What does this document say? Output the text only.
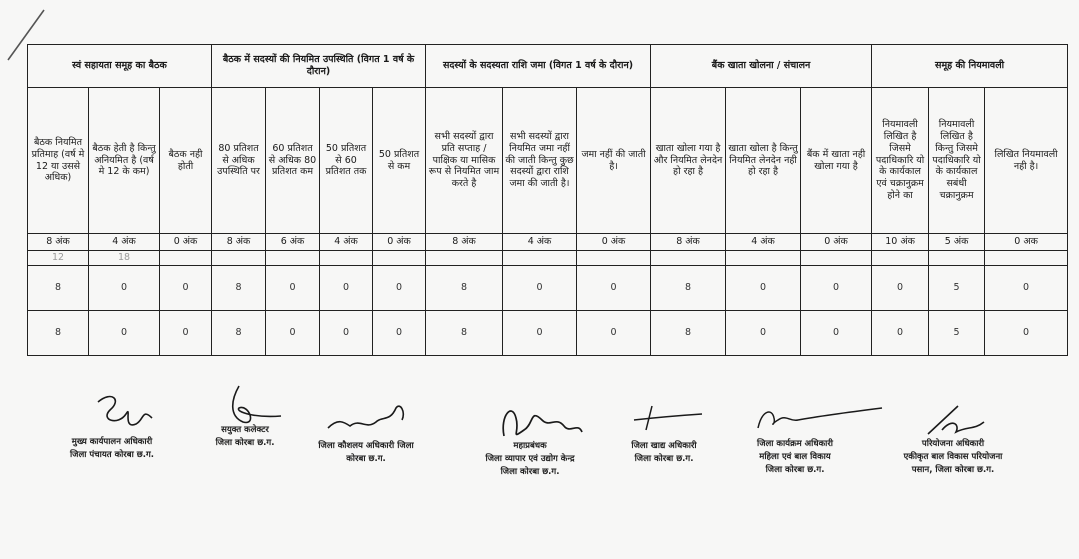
स्वं सहायता समूह का बैठक			बैठक में सदस्यों की नियमित उपस्थिति (विगत 1 वर्ष के दौरान)				सदस्यों के सदस्यता राशि जमा (विगत 1 वर्ष के दौरान)			बैंक खाता खोलना / संचालन			समूह की नियमावली		
बैठक नियमित प्रतिमाह (वर्ष मे 12 या उससे अधिक)	बैठक हेती है किन्तु अनियमित है (वर्ष मे 12 के कम)	बैठक नही होती	80 प्रतिशत से अधिक उपस्थिति पर	60 प्रतिशत से अधिक 80 प्रतिशत कम	50 प्रतिशत से 60 प्रतिशत तक	50 प्रतिशत से कम	सभी सदस्यों द्वारा प्रति सप्ताह / पाक्षिक या मासिक रूप से नियमित जाम करते है	सभी सदस्यों द्वारा नियमित जमा नहीं की जाती किन्तु कुछ सदस्यों द्वारा राशि जमा की जाती है।	जमा नहीं की जाती है।	खाता खोला गया है और नियमित लेनदेन हो रहा है	खाता खोला है किन्तु नियमित लेनदेन नही हो रहा है	बैंक में खाता नही खोला गया है	नियमावली लिखित है जिसमे पदाधिकारि यो के कार्यकाल एवं चक्रानुक्रम होने का	नियमावली लिखित है किन्तु जिसमे पदाधिकारि यो के कार्यकाल सबंधी चक्रानुक्रम	लिखित नियमावली नही है।
8 अंक	4 अंक	0 अंक	8 अंक	6 अंक	4 अंक	0 अंक	8 अंक	4 अंक	0 अंक	8 अंक	4 अंक	0 अंक	10 अंक	5 अंक	0 अक
12	18														
8	0	0	8	0	0	0	8	0	0	8	0	0	0	5	0
8	0	0	8	0	0	0	8	0	0	8	0	0	0	5	0
मुख्य कार्यपालन अधिकारी
जिला पंचायत कोरबा छ.ग.
सयुक्त कलेक्टर
जिला कोरबा छ.ग.	जिला कौशलय अधिकारी जिला
कोरबा छ.ग.
महाप्रबंधक
जिला व्यापार एवं उद्योग केन्द्र
जिला कोरबा छ.ग.
जिला खाद्य अधिकारी
जिला कोरबा छ.ग.
जिला कार्यक्रम अधिकारी
महिला एवं बाल विकाय
जिला कोरबा छ.ग.
परियोजना अधिकारी
एकीकृत बाल विकास परियोजना
पसान, जिला कोरबा छ.ग.
